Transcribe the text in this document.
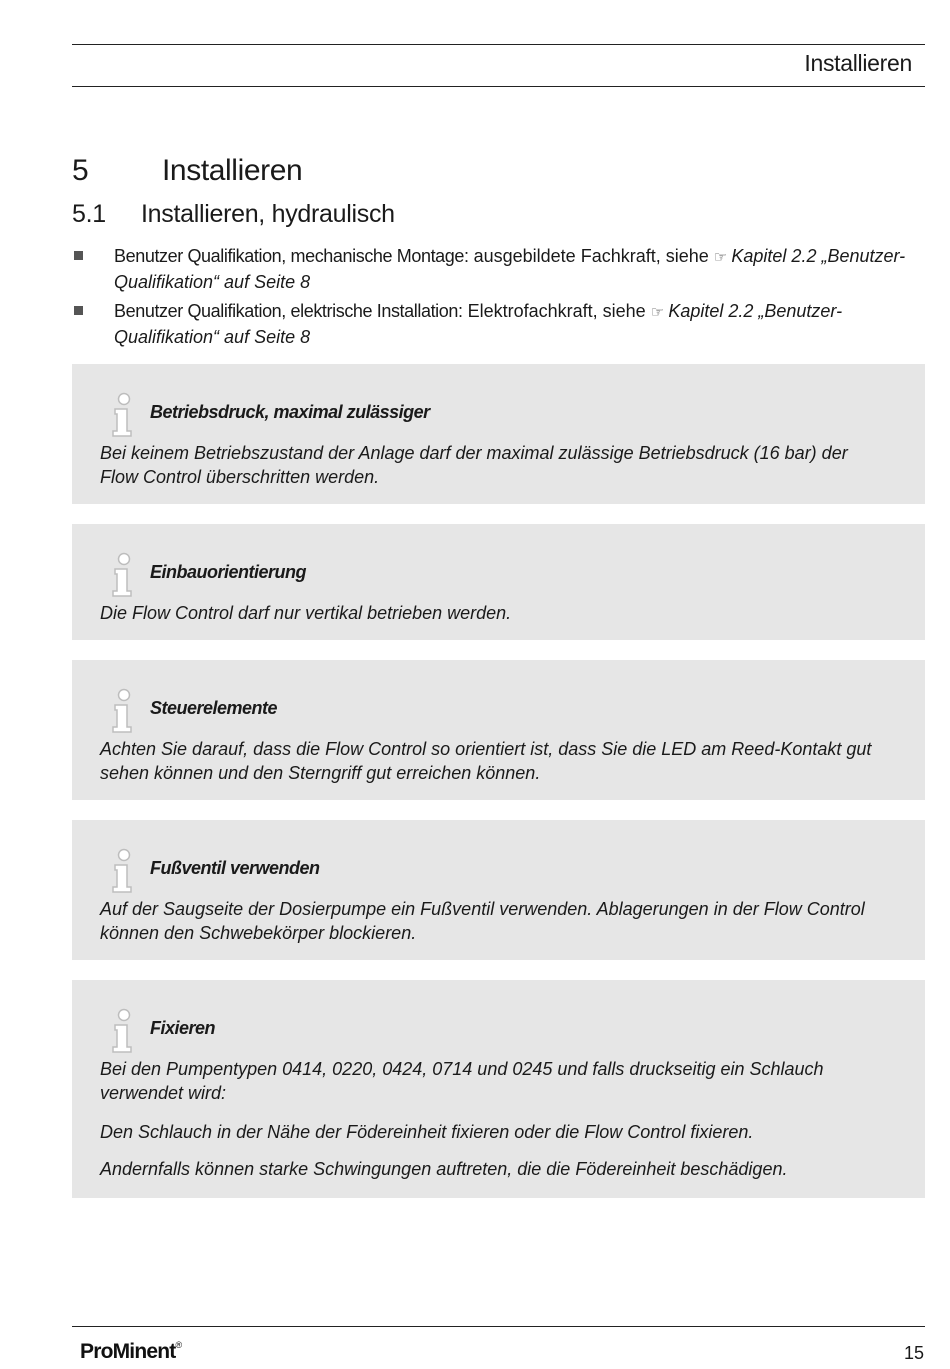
Installieren
5 Installieren
5.1 Installieren, hydraulisch
Benutzer Qualifikation, mechanische Montage: ausgebildete Fachkraft, siehe ☞ Kapitel 2.2 „Benutzer-Qualifikation“ auf Seite 8
Benutzer Qualifikation, elektrische Installation: Elektrofachkraft, siehe ☞ Kapitel 2.2 „Benutzer-Qualifikation“ auf Seite 8
Betriebsdruck, maximal zulässiger

Bei keinem Betriebszustand der Anlage darf der maximal zulässige Betriebsdruck (16 bar) der Flow Control überschritten werden.

Einbauorientierung

Die Flow Control darf nur vertikal betrieben werden.

Steuerelemente

Achten Sie darauf, dass die Flow Control so orientiert ist, dass Sie die LED am Reed-Kontakt gut sehen können und den Sterngriff gut erreichen können.

Fußventil verwenden

Auf der Saugseite der Dosierpumpe ein Fußventil verwenden. Ablagerungen in der Flow Control können den Schwebekörper blockieren.

Fixieren

Bei den Pumpentypen 0414, 0220, 0424, 0714 und 0245 und falls druckseitig ein Schlauch verwendet wird:

Den Schlauch in der Nähe der Födereinheit fixieren oder die Flow Control fixieren.

Andernfalls können starke Schwingungen auftreten, die die Födereinheit beschädigen.

ProMinent®	15
